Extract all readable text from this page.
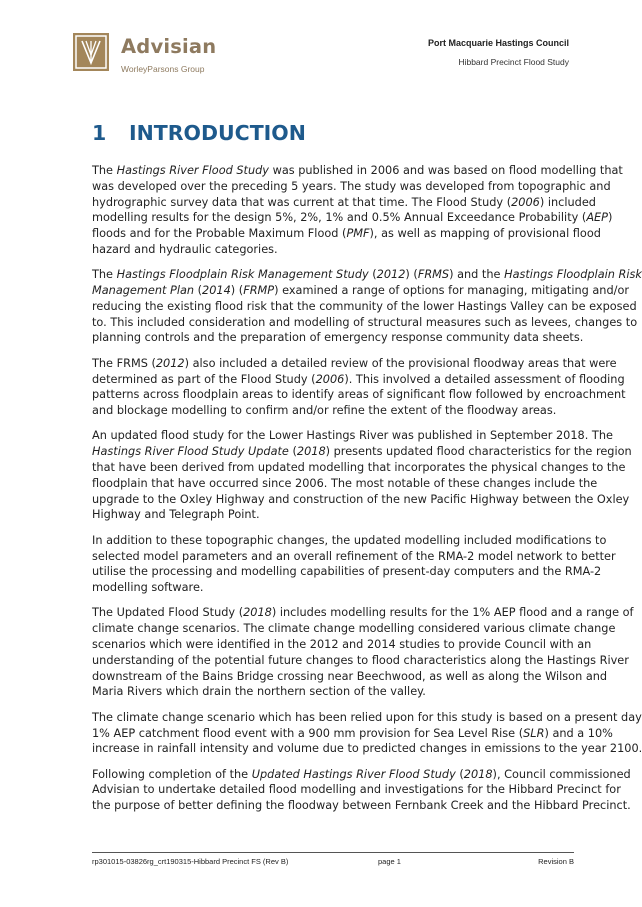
Advisian
WorleyParsons Group
Port Macquarie Hastings Council
Hibbard Precinct Flood Study
1	INTRODUCTION

The Hastings River Flood Study was published in 2006 and was based on flood modelling that
was developed over the preceding 5 years. The study was developed from topographic and
hydrographic survey data that was current at that time. The Flood Study (2006) included
modelling results for the design 5%, 2%, 1% and 0.5% Annual Exceedance Probability (AEP)
floods and for the Probable Maximum Flood (PMF), as well as mapping of provisional flood
hazard and hydraulic categories.

The Hastings Floodplain Risk Management Study (2012) (FRMS) and the Hastings Floodplain Risk
Management Plan (2014) (FRMP) examined a range of options for managing, mitigating and/or
reducing the existing flood risk that the community of the lower Hastings Valley can be exposed
to. This included consideration and modelling of structural measures such as levees, changes to
planning controls and the preparation of emergency response community data sheets.

The FRMS (2012) also included a detailed review of the provisional floodway areas that were
determined as part of the Flood Study (2006). This involved a detailed assessment of flooding
patterns across floodplain areas to identify areas of significant flow followed by encroachment
and blockage modelling to confirm and/or refine the extent of the floodway areas.

An updated flood study for the Lower Hastings River was published in September 2018. The
Hastings River Flood Study Update (2018) presents updated flood characteristics for the region
that have been derived from updated modelling that incorporates the physical changes to the
floodplain that have occurred since 2006. The most notable of these changes include the
upgrade to the Oxley Highway and construction of the new Pacific Highway between the Oxley
Highway and Telegraph Point.

In addition to these topographic changes, the updated modelling included modifications to
selected model parameters and an overall refinement of the RMA-2 model network to better
utilise the processing and modelling capabilities of present-day computers and the RMA-2
modelling software.

The Updated Flood Study (2018) includes modelling results for the 1% AEP flood and a range of
climate change scenarios. The climate change modelling considered various climate change
scenarios which were identified in the 2012 and 2014 studies to provide Council with an
understanding of the potential future changes to flood characteristics along the Hastings River
downstream of the Bains Bridge crossing near Beechwood, as well as along the Wilson and
Maria Rivers which drain the northern section of the valley.

The climate change scenario which has been relied upon for this study is based on a present day
1% AEP catchment flood event with a 900 mm provision for Sea Level Rise (SLR) and a 10%
increase in rainfall intensity and volume due to predicted changes in emissions to the year 2100.

Following completion of the Updated Hastings River Flood Study (2018), Council commissioned
Advisian to undertake detailed flood modelling and investigations for the Hibbard Precinct for
the purpose of better defining the floodway between Fernbank Creek and the Hibbard Precinct.

rp301015-03826rg_crt190315-Hibbard Precinct FS (Rev B)	page 1	Revision B
